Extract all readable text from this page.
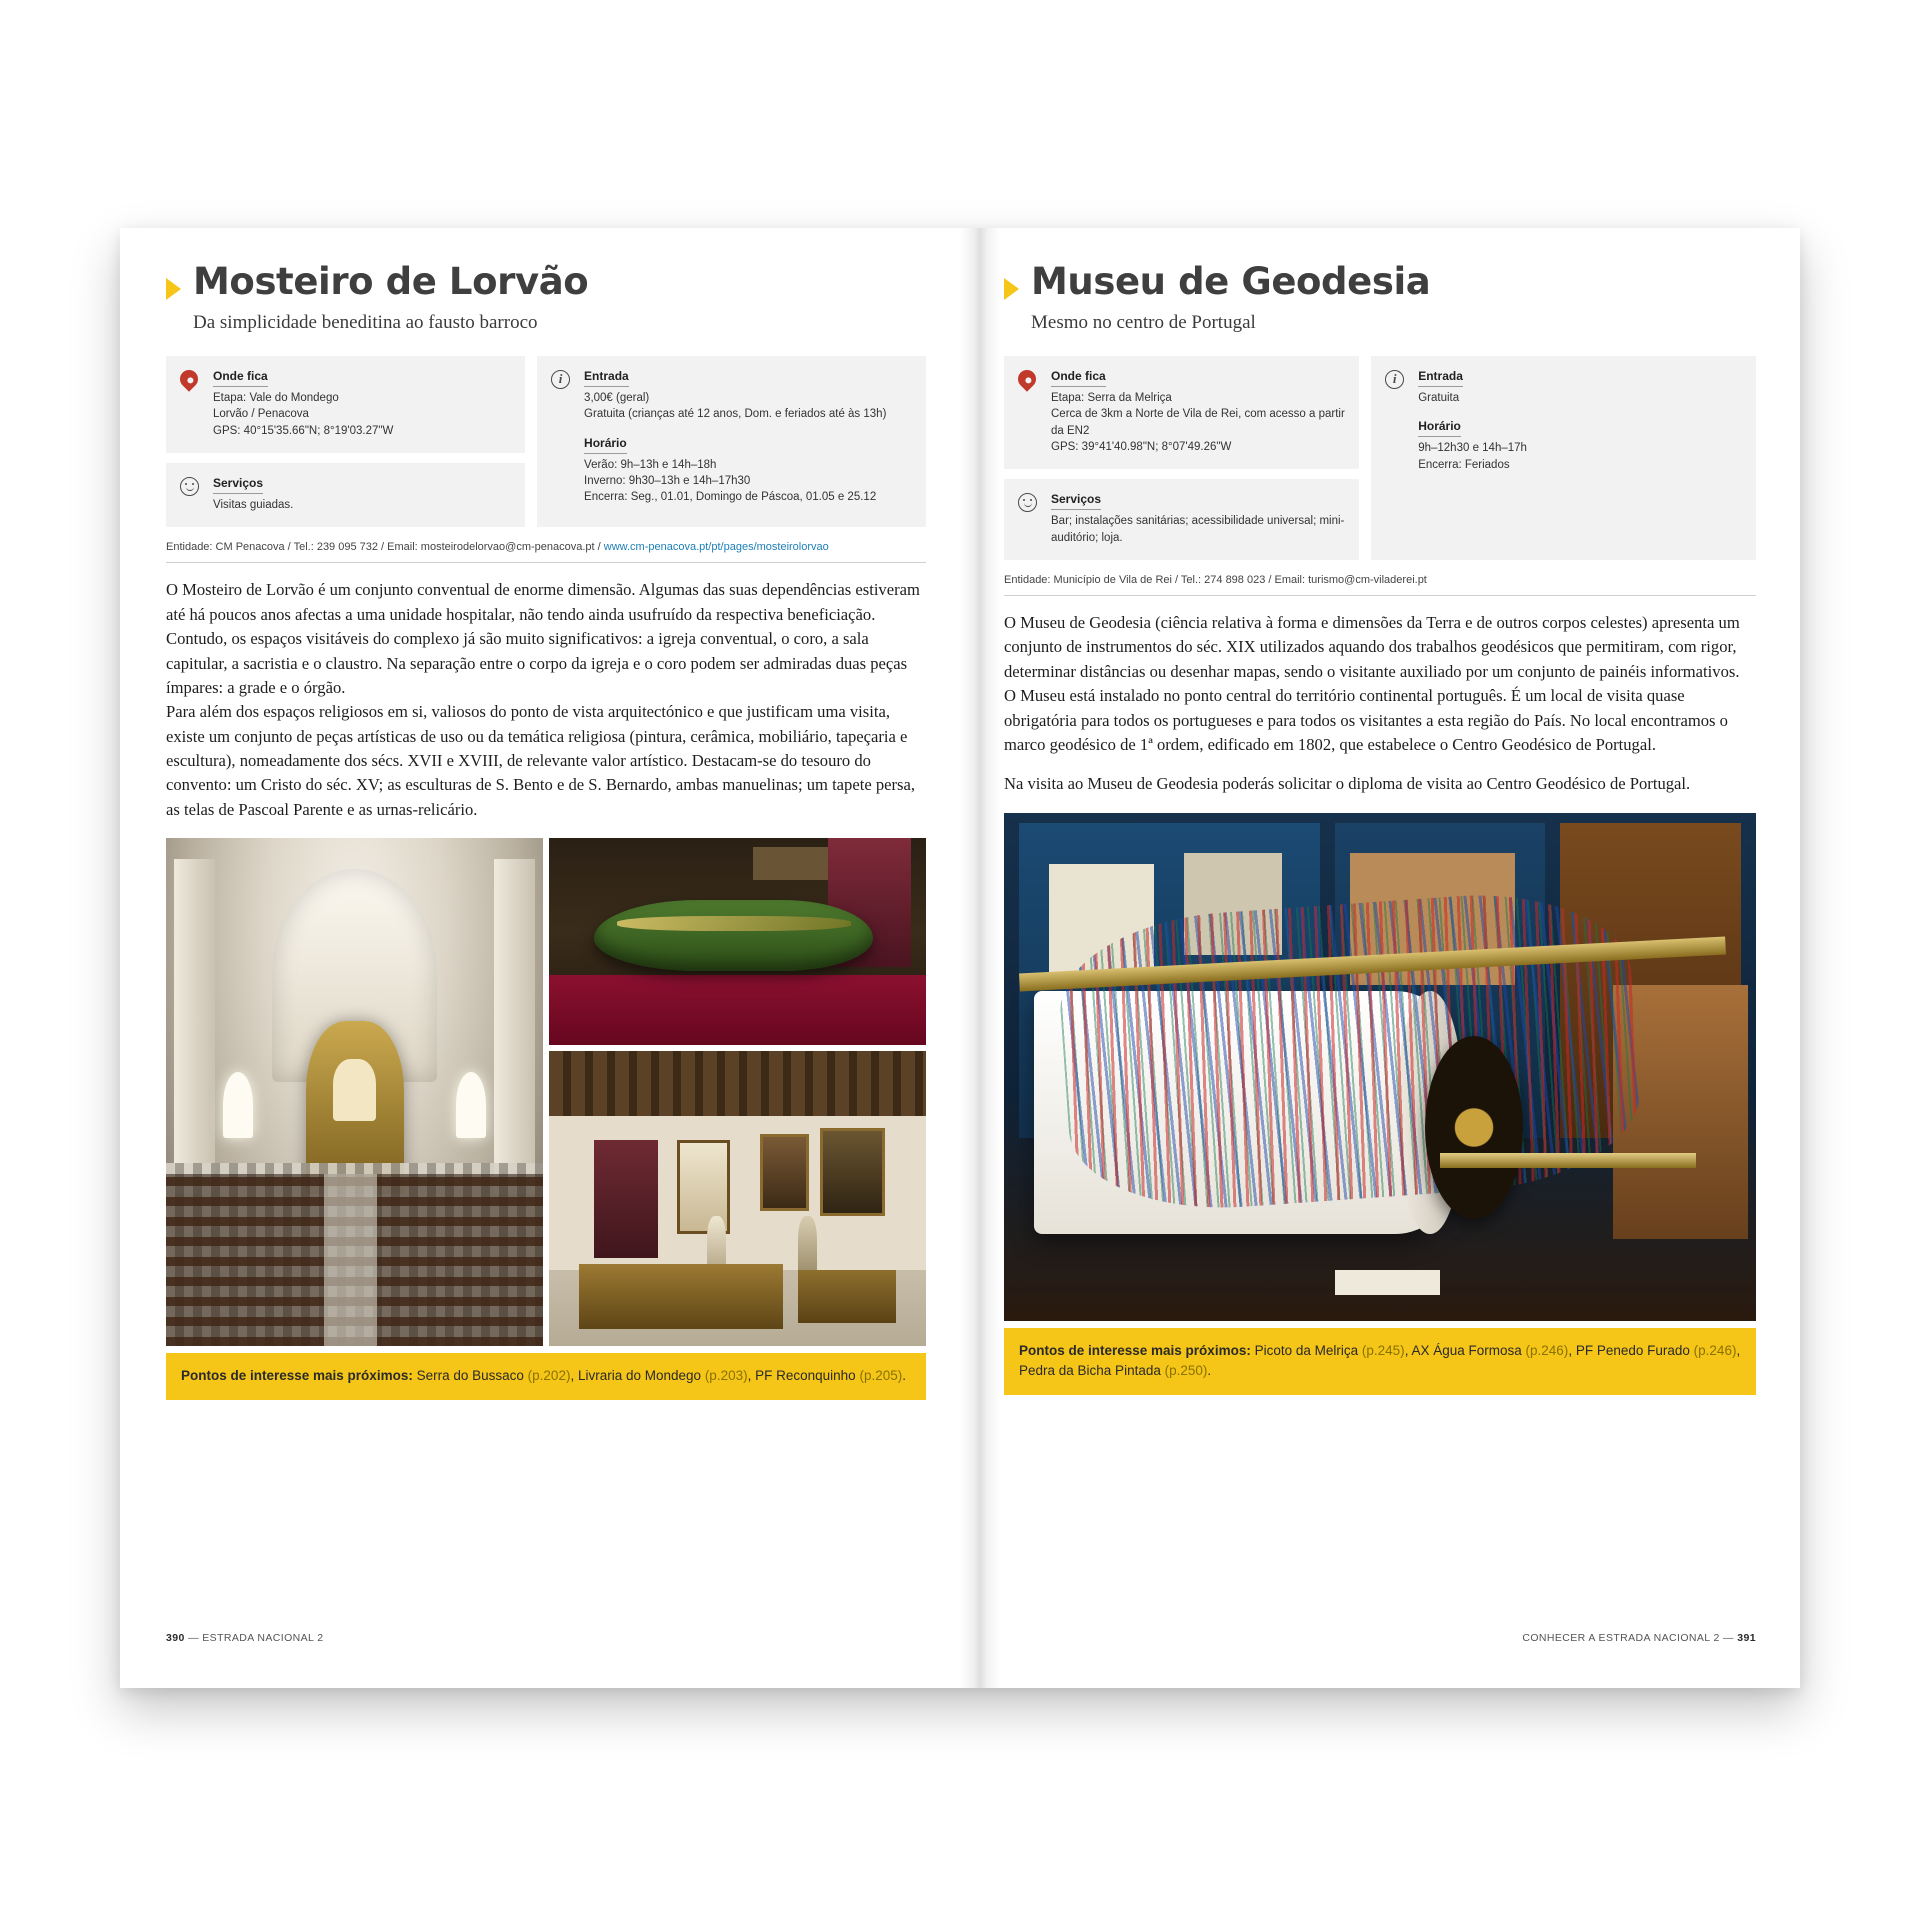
Mosteiro de Lorvão
Da simplicidade beneditina ao fausto barroco
Onde fica
Etapa: Vale do Mondego
Lorvão / Penacova
GPS: 40°15'35.66"N; 8°19'03.27"W
Serviços
Visitas guiadas.
i	Entrada
3,00€ (geral)
Gratuita (crianças até 12 anos, Dom. e feriados até às 13h)
Horário
Verão: 9h–13h e 14h–18h
Inverno: 9h30–13h e 14h–17h30
Encerra: Seg., 01.01, Domingo de Páscoa, 01.05 e 25.12
Entidade: CM Penacova / Tel.: 239 095 732 / Email: mosteirodelorvao@cm-penacova.pt / www.cm-penacova.pt/pt/pages/mosteirolorvao

O Mosteiro de Lorvão é um conjunto conventual de enorme dimensão. Algumas das suas dependências estiveram até há poucos anos afectas a uma unidade hospitalar, não tendo ainda usufruído da respectiva beneficiação. Contudo, os espaços visitáveis do complexo já são muito significativos: a igreja conventual, o coro, a sala capitular, a sacristia e o claustro. Na separação entre o corpo da igreja e o coro podem ser admiradas duas peças ímpares: a grade e o órgão.

Para além dos espaços religiosos em si, valiosos do ponto de vista arquitectónico e que justificam uma visita, existe um conjunto de peças artísticas de uso ou da temática religiosa (pintura, cerâmica, mobiliário, tapeçaria e escultura), nomeadamente dos sécs. XVII e XVIII, de relevante valor artístico. Destacam-se do tesouro do convento: um Cristo do séc. XV; as esculturas de S. Bento e de S. Bernardo, ambas manuelinas; um tapete persa, as telas de Pascoal Parente e as urnas-relicário.

Pontos de interesse mais próximos: Serra do Bussaco (p.202), Livraria do Mondego (p.203), PF Reconquinho (p.205).
390 — ESTRADA NACIONAL 2
Museu de Geodesia
Mesmo no centro de Portugal
Onde fica
Etapa: Serra da Melriça
Cerca de 3km a Norte de Vila de Rei, com acesso a partir da EN2
GPS: 39°41'40.98"N; 8°07'49.26"W
Serviços
Bar; instalações sanitárias; acessibilidade universal; mini-auditório; loja.
i	Entrada
Gratuita
Horário
9h–12h30 e 14h–17h
Encerra: Feriados
Entidade: Município de Vila de Rei / Tel.: 274 898 023 / Email: turismo@cm-viladerei.pt

O Museu de Geodesia (ciência relativa à forma e dimensões da Terra e de outros corpos celestes) apresenta um conjunto de instrumentos do séc. XIX utilizados aquando dos trabalhos geodésicos que permitiram, com rigor, determinar distâncias ou desenhar mapas, sendo o visitante auxiliado por um conjunto de painéis informativos.

O Museu está instalado no ponto central do território continental português. É um local de visita quase obrigatória para todos os portugueses e para todos os visitantes a esta região do País. No local encontramos o marco geodésico de 1ª ordem, edificado em 1802, que estabelece o Centro Geodésico de Portugal.

Na visita ao Museu de Geodesia poderás solicitar o diploma de visita ao Centro Geodésico de Portugal.

Pontos de interesse mais próximos: Picoto da Melriça (p.245), AX Água Formosa (p.246), PF Penedo Furado (p.246), Pedra da Bicha Pintada (p.250).
CONHECER A ESTRADA NACIONAL 2 — 391
